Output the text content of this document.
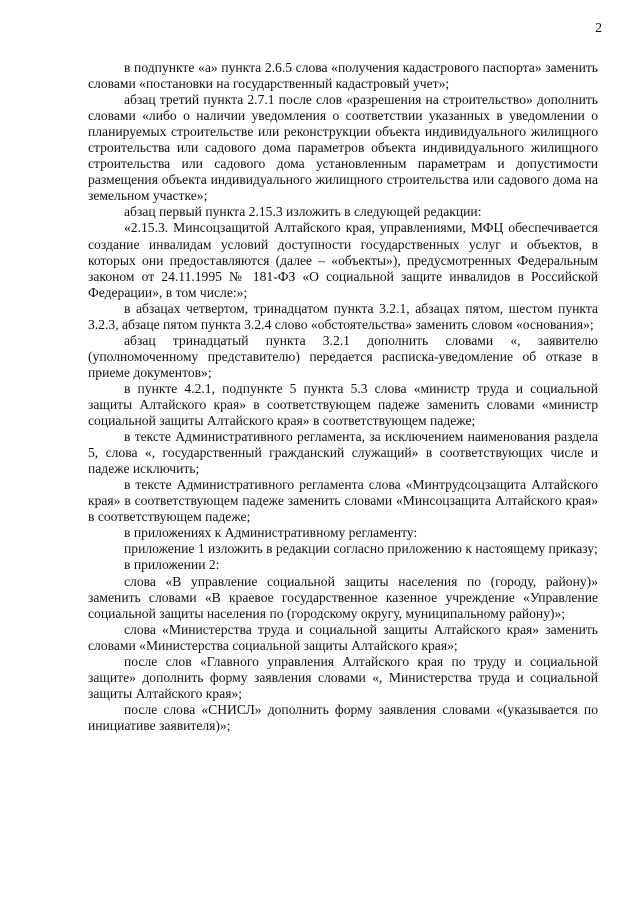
2

в подпункте «а» пункта 2.6.5 слова «получения кадастрового паспорта» заменить словами «постановки на государственный кадастровый учет»;

абзац третий пункта 2.7.1 после слов «разрешения на строительство» дополнить словами «либо о наличии уведомления о соответствии указанных в уведомлении о планируемых строительстве или реконструкции объекта индивидуального жилищного строительства или садового дома параметров объекта индивидуального жилищного строительства или садового дома установленным параметрам и допустимости размещения объекта индивидуального жилищного строительства или садового дома на земельном участке»;

абзац первый пункта 2.15.3 изложить в следующей редакции:

«2.15.3. Минсоцзащитой Алтайского края, управлениями, МФЦ обеспечивается создание инвалидам условий доступности государственных услуг и объектов, в которых они предоставляются (далее – «объекты»), предусмотренных Федеральным законом от 24.11.1995 № 181-ФЗ «О социальной защите инвалидов в Российской Федерации», в том числе:»;

в абзацах четвертом, тринадцатом пункта 3.2.1, абзацах пятом, шестом пункта 3.2.3, абзаце пятом пункта 3.2.4 слово «обстоятельства» заменить словом «основания»;

абзац тринадцатый пункта 3.2.1 дополнить словами «, заявителю (уполномоченному представителю) передается расписка-уведомление об отказе в приеме документов»;

в пункте 4.2.1, подпункте 5 пункта 5.3 слова «министр труда и социальной защиты Алтайского края» в соответствующем падеже заменить словами «министр социальной защиты Алтайского края» в соответствующем падеже;

в тексте Административного регламента, за исключением наименования раздела 5, слова «, государственный гражданский служащий» в соответствующих числе и падеже исключить;

в тексте Административного регламента слова «Минтрудсоцзащита Алтайского края» в соответствующем падеже заменить словами «Минсоцзащита Алтайского края» в соответствующем падеже;

в приложениях к Административному регламенту:

приложение 1 изложить в редакции согласно приложению к настоящему приказу;

в приложении 2:

слова «В управление социальной защиты населения по (городу, району)» заменить словами «В краевое государственное казенное учреждение «Управление социальной защиты населения по (городскому округу, муниципальному району)»;

слова «Министерства труда и социальной защиты Алтайского края» заменить словами «Министерства социальной защиты Алтайского края»;

после слов «Главного управления Алтайского края по труду и социальной защите» дополнить форму заявления словами «, Министерства труда и социальной защиты Алтайского края»;

после слова «СНИСЛ» дополнить форму заявления словами «(указывается по инициативе заявителя)»;
